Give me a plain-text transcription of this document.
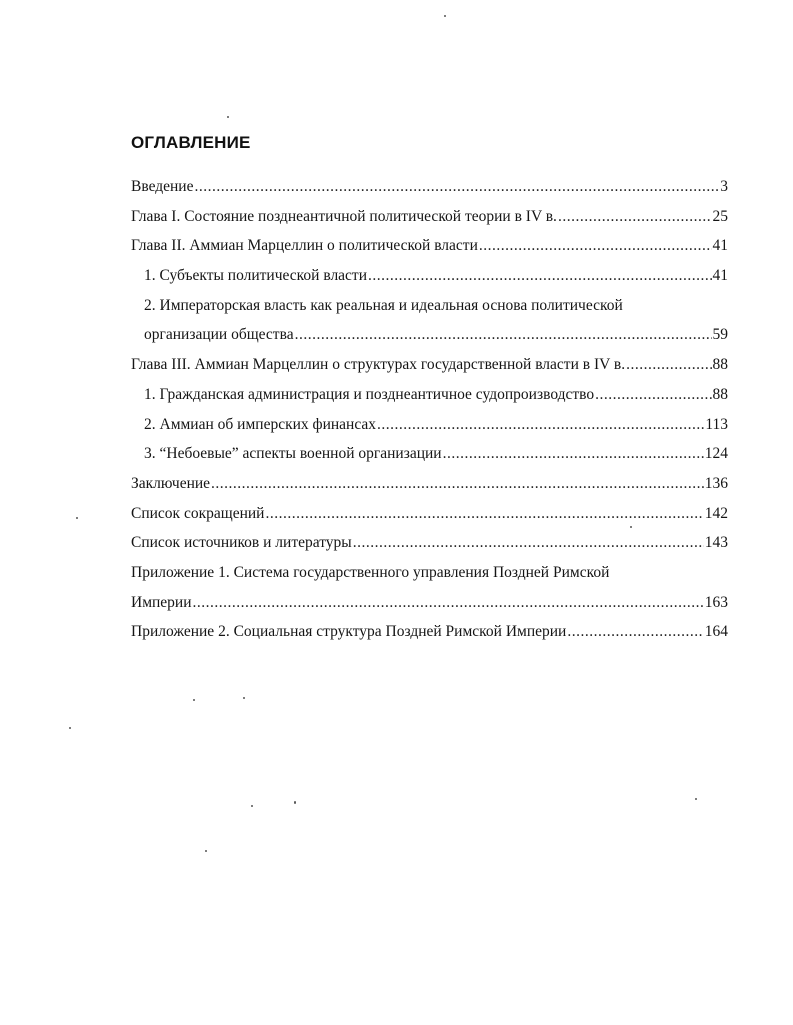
ОГЛАВЛЕНИЕ
Введение .....	3
Глава I. Состояние позднеантичной политической теории в IV в. .....	25
Глава II. Аммиан Марцеллин о политической власти .....	41
1. Субъекты политической власти .....	41
2. Императорская власть как реальная и идеальная основа политической
организации общества .....	59
Глава III. Аммиан Марцеллин о структурах государственной власти в IV в. .....	88
1. Гражданская администрация и позднеантичное судопроизводство .....	88
2. Аммиан об имперских финансах .....	113
3. “Небоевые” аспекты военной организации .....	124
Заключение .....	136
Список сокращений .....	142
Список источников и литературы .....	143
Приложение 1. Система государственного управления Поздней Римской
Империи .....	163
Приложение 2. Социальная структура Поздней Римской Империи .....	164
